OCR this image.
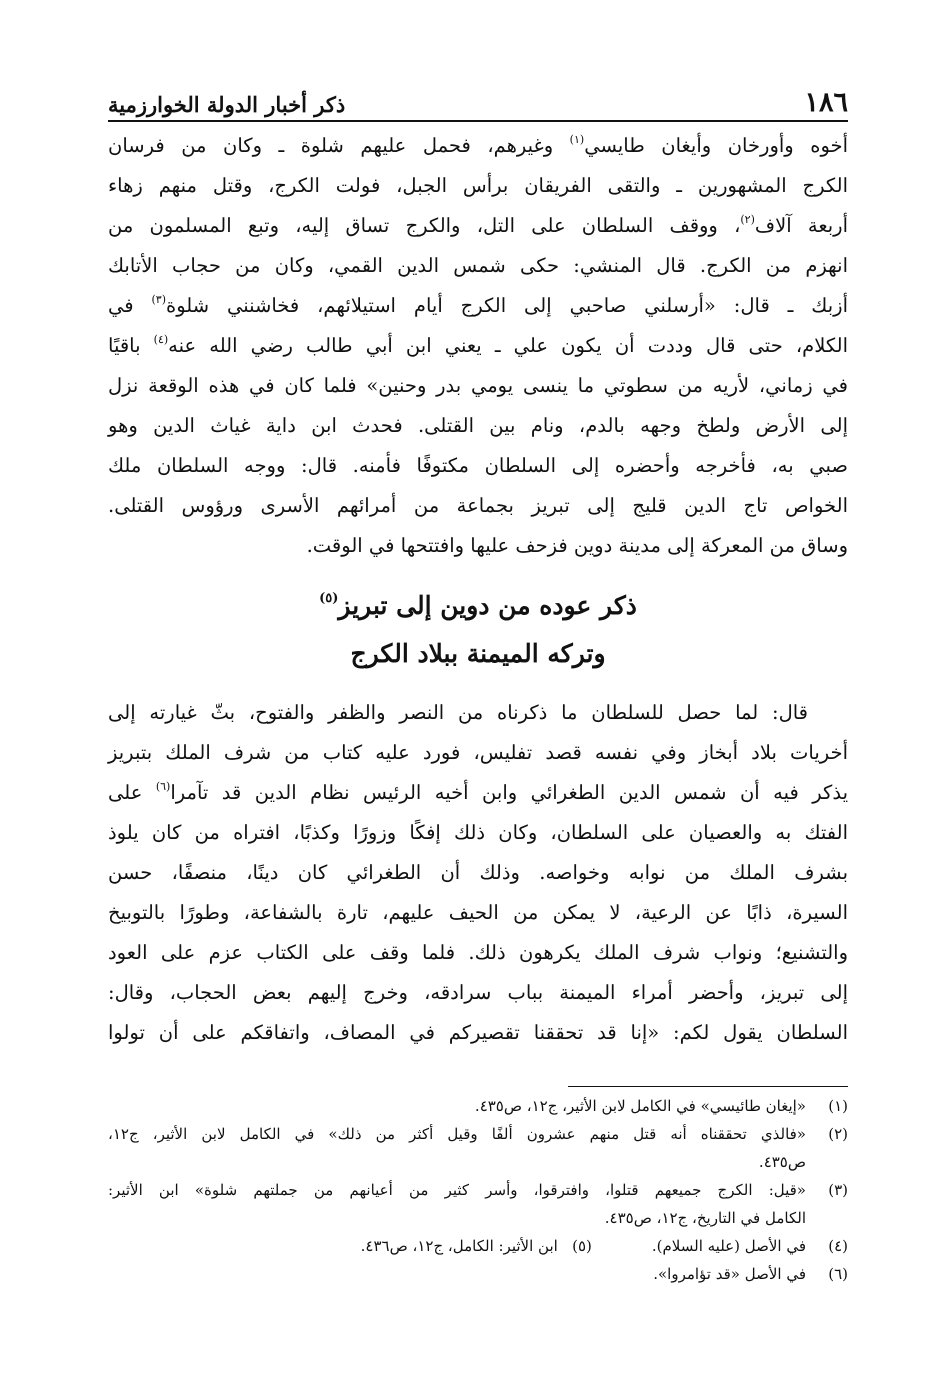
١٨٦
ذكر أخبار الدولة الخوارزمية
أخوه وأورخان وأيغان طايسي$^{(١)}$ وغيرهم، فحمل عليهم شلوة ـ وكان من فرسان
الكرج المشهورين ـ والتقى الفريقان برأس الجبل، فولت الكرج، وقتل منهم زهاء
أربعة آلاف$^{(٢)}$، ووقف السلطان على التل، والكرج تساق إليه، وتبع المسلمون من
انهزم من الكرج. قال المنشي: حكى شمس الدين القمي، وكان من حجاب الأتابك
أزبك ـ قال: «أرسلني صاحبي إلى الكرج أيام استيلائهم، فخاشنني شلوة$^{(٣)}$ في
الكلام، حتى قال وددت أن يكون علي ـ يعني ابن أبي طالب رضي الله عنه$^{(٤)}$ باقيًا
في زماني، لأريه من سطوتي ما ينسى يومي بدر وحنين» فلما كان في هذه الوقعة نزل
إلى الأرض ولطخ وجهه بالدم، ونام بين القتلى. فحدث ابن داية غياث الدين وهو
صبي به، فأخرجه وأحضره إلى السلطان مكتوفًا فأمنه. قال: ووجه السلطان ملك
الخواص تاج الدين قليج إلى تبريز بجماعة من أمرائهم الأسرى ورؤوس القتلى.
وساق من المعركة إلى مدينة دوين فزحف عليها وافتتحها في الوقت.
ذكر عوده من دوين إلى تبريز$^{(٥)}$
وتركه الميمنة ببلاد الكرج
قال: لما حصل للسلطان ما ذكرناه من النصر والظفر والفتوح، بثّ غيارته إلى
أخريات بلاد أبخاز وفي نفسه قصد تفليس، فورد عليه كتاب من شرف الملك بتبريز
يذكر فيه أن شمس الدين الطغرائي وابن أخيه الرئيس نظام الدين قد تآمرا$^{(٦)}$ على
الفتك به والعصيان على السلطان، وكان ذلك إفكًا وزورًا وكذبًا، افتراه من كان يلوذ
بشرف الملك من نوابه وخواصه. وذلك أن الطغرائي كان دينًا، منصفًا، حسن
السيرة، ذابًا عن الرعية، لا يمكن من الحيف عليهم، تارة بالشفاعة، وطورًا بالتوبيخ
والتشنيع؛ ونواب شرف الملك يكرهون ذلك. فلما وقف على الكتاب عزم على العود
إلى تبريز، وأحضر أمراء الميمنة بباب سرادقه، وخرج إليهم بعض الحجاب، وقال:
السلطان يقول لكم: «إنا قد تحققنا تقصيركم في المصاف، واتفاقكم على أن تولوا
(١)
«إيغان طائيسي» في الكامل لابن الأثير، ج١٢، ص٤٣٥.
(٢)
«فالذي تحققناه أنه قتل منهم عشرون ألفًا وقيل أكثر من ذلك» في الكامل لابن الأثير، ج١٢،
ص٤٣٥.
(٣)
«قيل: الكرج جميعهم قتلوا، وافترقوا، وأسر كثير من أعيانهم من جملتهم شلوة» ابن الأثير:
الكامل في التاريخ، ج١٢، ص٤٣٥.
(٤)
في الأصل (عليه السلام).
(٥)   ابن الأثير: الكامل، ج١٢، ص٤٣٦.
(٦)
في الأصل «قد تؤامروا».
